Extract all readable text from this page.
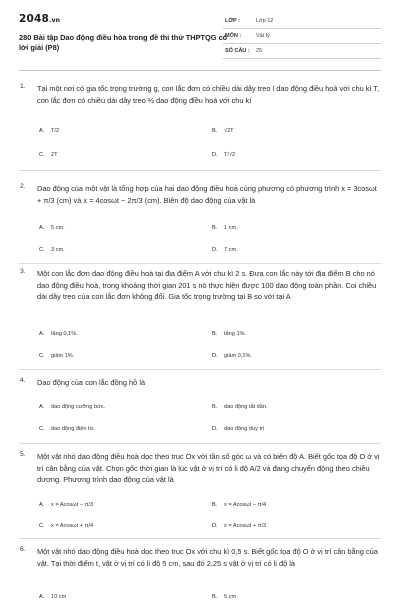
2048.vn
280 Bài tập Dao động điều hòa trong đề thi thử THPTQG có lời giải (P8)
LỚP :	Lớp 12
MÔN :	Vật lý
SỐ CÂU : 25
1. Tại một nơi có gia tốc trọng trường g, con lắc đơn có chiều dài dây treo l dao động điều hoà với chu kì T, con lắc đơn có chiều dài dây treo ½ dao động điều hoà với chu kì
A. T/2	B. √2T
C. 2T	D. T/√2
2. Dao động của một vật là tổng hợp của hai dao động điều hoà cùng phương có phương trình x = 3cosωt + π/3 (cm) và x = 4cosωt − 2π/3 (cm). Biên độ dao động của vật là
A. 5 cm.	B. 1 cm.
C. 3 cm.	D. 7 cm.
3. Một con lắc đơn dao động điều hoà tại địa điểm A với chu kì 2 s. Đưa con lắc này tới địa điểm B cho nó dao động điều hoà, trong khoảng thời gian 201 s nó thực hiện được 100 dao động toàn phần. Coi chiều dài dây treo của con lắc đơn không đổi. Gia tốc trọng trường tại B so với tại A
A. tăng 0,1%.	B. tăng 1%.
C. giảm 1%.	D. giảm 0,1%.
4. Dao động của con lắc đồng hồ là
A. dao động cưỡng bức.	B. dao động tắt dần.
C. dao động điện từ.	D. dao động duy trì
5. Một vật nhỏ dao động điều hoà dọc theo trục Ox với tần số góc ω và có biên độ A. Biết gốc tọa độ O ở vị trí cân bằng của vật. Chọn gốc thời gian là lúc vật ở vị trí có li độ A/2 và đang chuyển động theo chiều dương. Phương trình dao động của vật là
A. x = Acosωt − π/3	B. x = Acosωt − π/4
C. x = Acosωt + π/4	D. x = Acosωt + π/3
6. Một vật nhỏ dao động điều hoà dọc theo trục Ox với chu kì 0,5 s. Biết gốc tọa độ O ở vị trí cân bằng của vật. Tại thời điểm t, vật ở vị trí có li độ 5 cm, sau đó 2,25 s vật ở vị trí có li độ là
A. 10 cm	B. 5 cm
